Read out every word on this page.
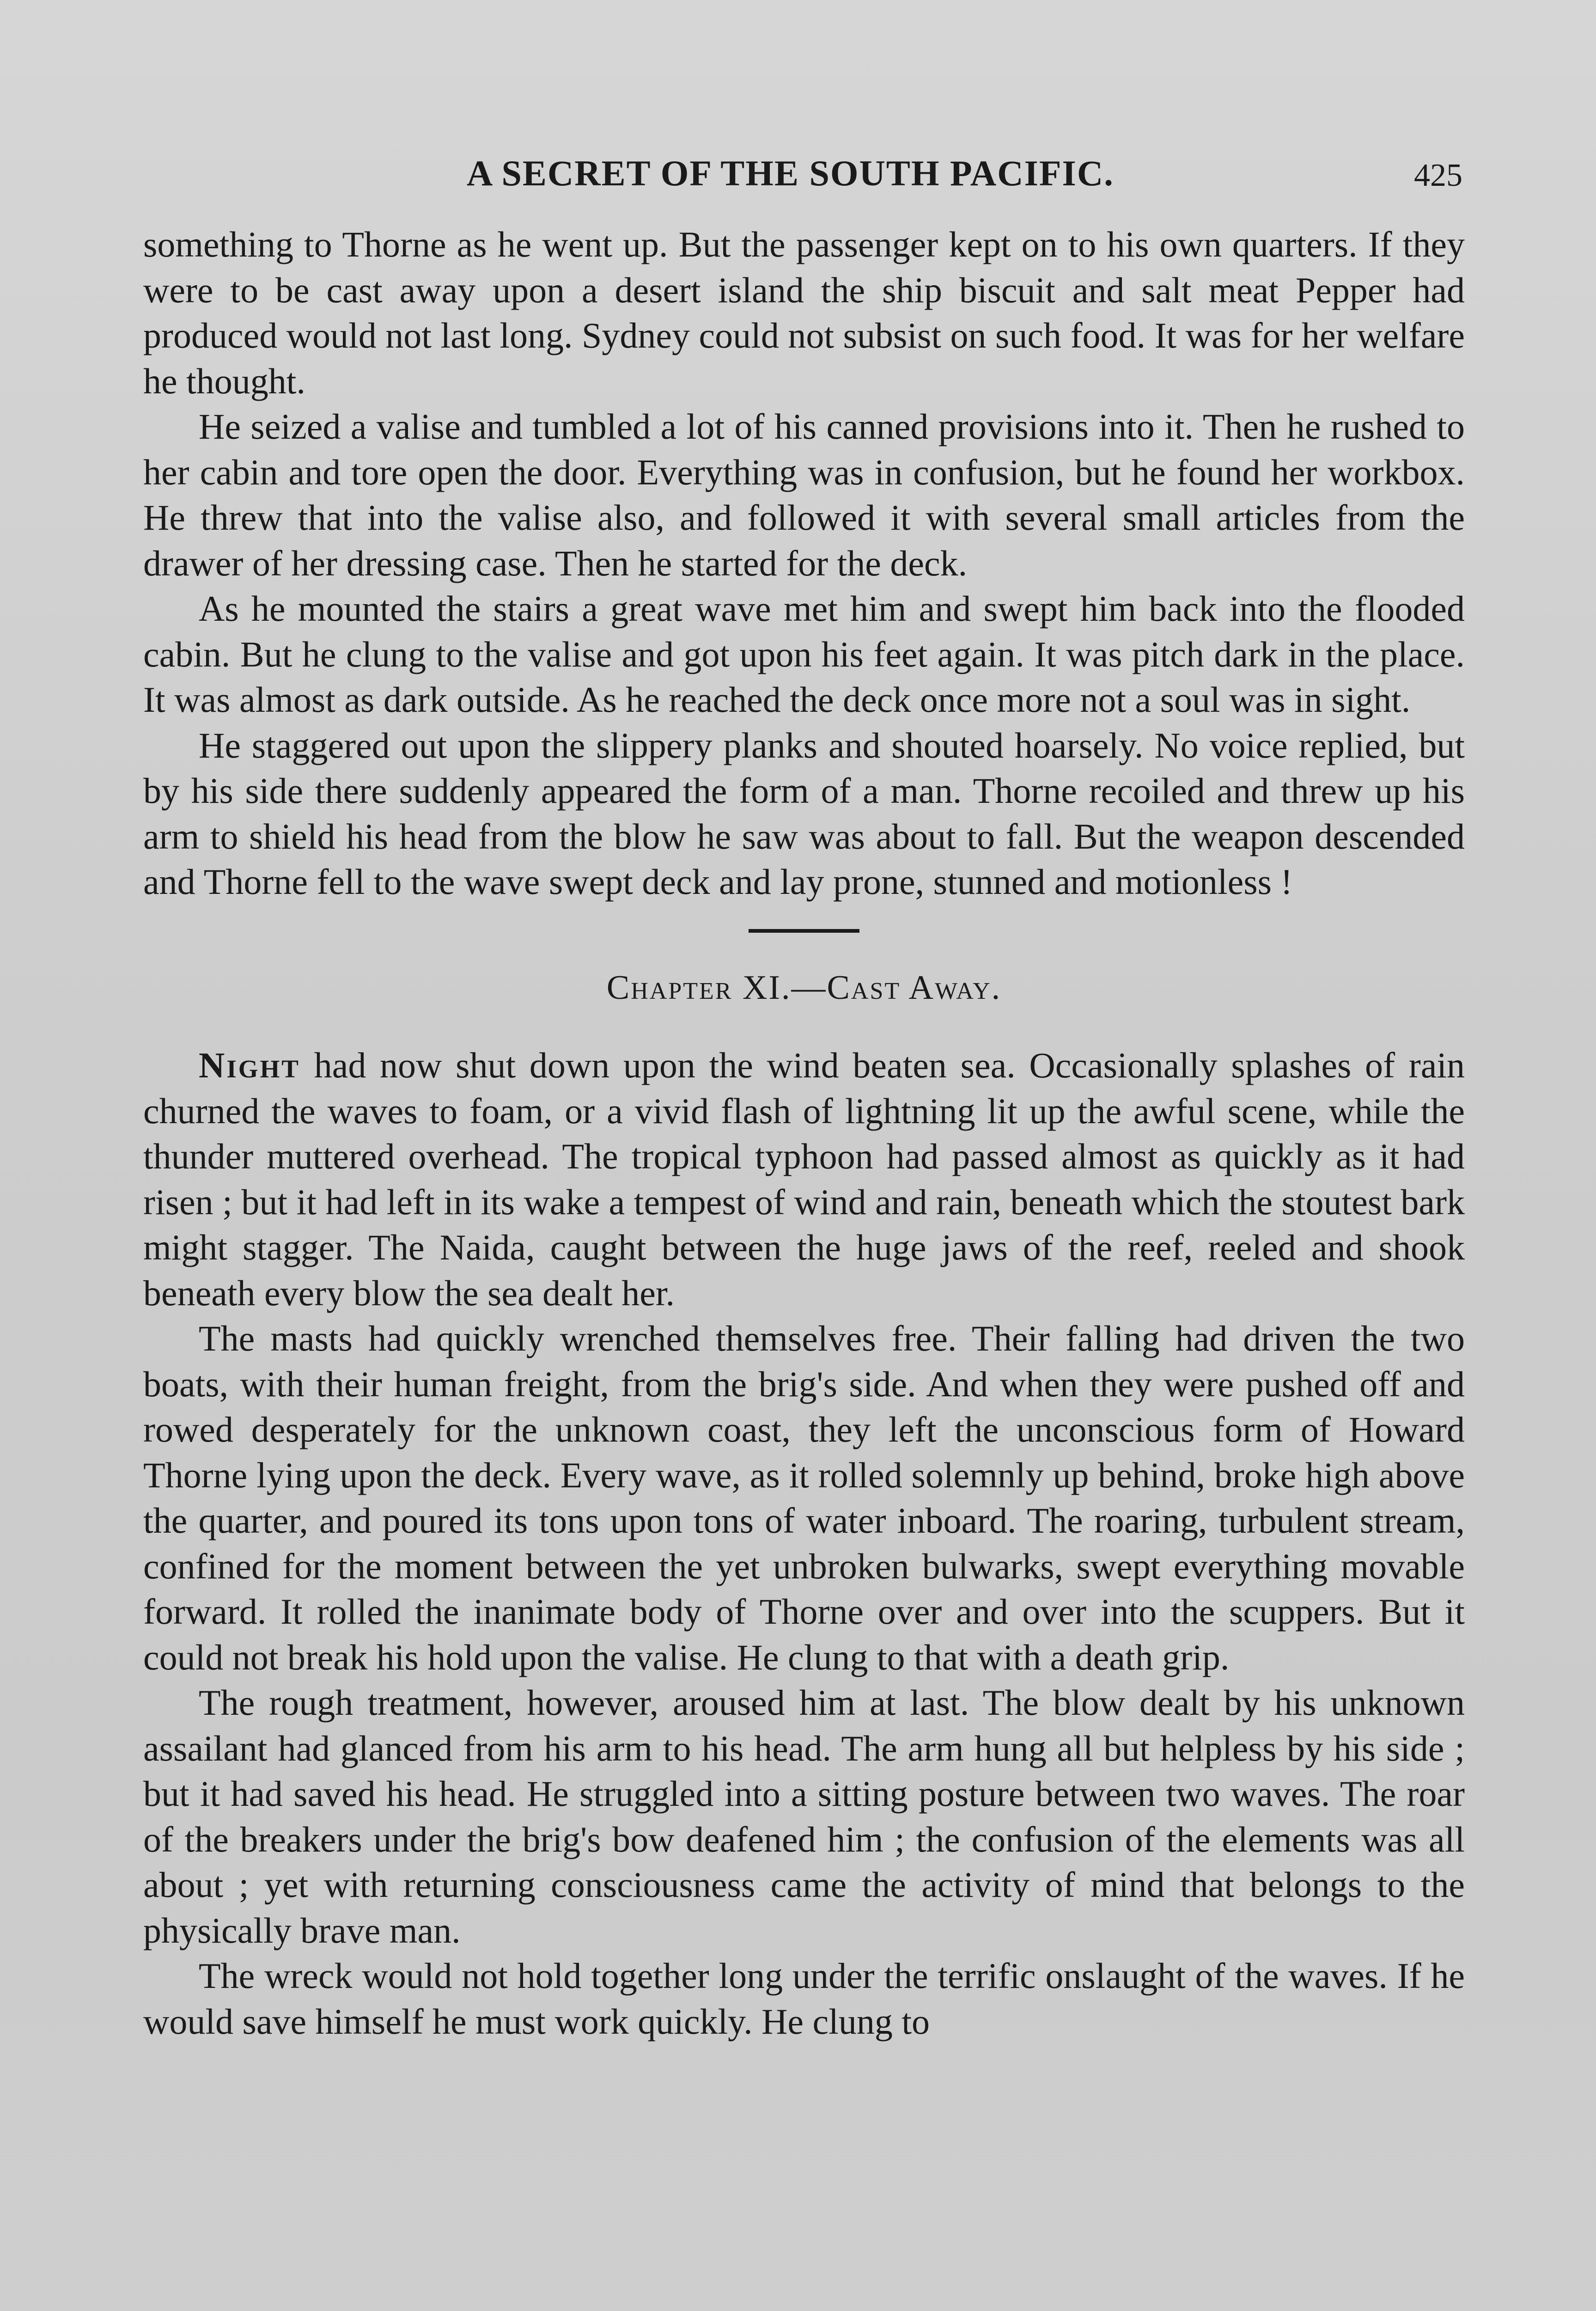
A SECRET OF THE SOUTH PACIFIC.	425

something to Thorne as he went up. But the passenger kept on to his own quarters. If they were to be cast away upon a desert island the ship biscuit and salt meat Pepper had produced would not last long. Sydney could not subsist on such food. It was for her welfare he thought.

He seized a valise and tumbled a lot of his canned provisions into it. Then he rushed to her cabin and tore open the door. Everything was in confusion, but he found her workbox. He threw that into the valise also, and followed it with several small articles from the drawer of her dressing case. Then he started for the deck.

As he mounted the stairs a great wave met him and swept him back into the flooded cabin. But he clung to the valise and got upon his feet again. It was pitch dark in the place. It was almost as dark outside. As he reached the deck once more not a soul was in sight.

He staggered out upon the slippery planks and shouted hoarsely. No voice replied, but by his side there suddenly appeared the form of a man. Thorne recoiled and threw up his arm to shield his head from the blow he saw was about to fall. But the weapon descended and Thorne fell to the wave swept deck and lay prone, stunned and motionless !

Chapter XI.—Cast Away.

Night had now shut down upon the wind beaten sea. Occasionally splashes of rain churned the waves to foam, or a vivid flash of lightning lit up the awful scene, while the thunder muttered overhead. The tropical typhoon had passed almost as quickly as it had risen ; but it had left in its wake a tempest of wind and rain, beneath which the stoutest bark might stagger. The Naida, caught between the huge jaws of the reef, reeled and shook beneath every blow the sea dealt her.

The masts had quickly wrenched themselves free. Their falling had driven the two boats, with their human freight, from the brig's side. And when they were pushed off and rowed desperately for the unknown coast, they left the unconscious form of Howard Thorne lying upon the deck. Every wave, as it rolled solemnly up behind, broke high above the quarter, and poured its tons upon tons of water inboard. The roaring, turbulent stream, confined for the moment between the yet unbroken bulwarks, swept everything movable forward. It rolled the inanimate body of Thorne over and over into the scuppers. But it could not break his hold upon the valise. He clung to that with a death grip.

The rough treatment, however, aroused him at last. The blow dealt by his unknown assailant had glanced from his arm to his head. The arm hung all but helpless by his side ; but it had saved his head. He struggled into a sitting posture between two waves. The roar of the breakers under the brig's bow deafened him ; the confusion of the elements was all about ; yet with returning consciousness came the activity of mind that belongs to the physically brave man.

The wreck would not hold together long under the terrific onslaught of the waves. If he would save himself he must work quickly. He clung to
